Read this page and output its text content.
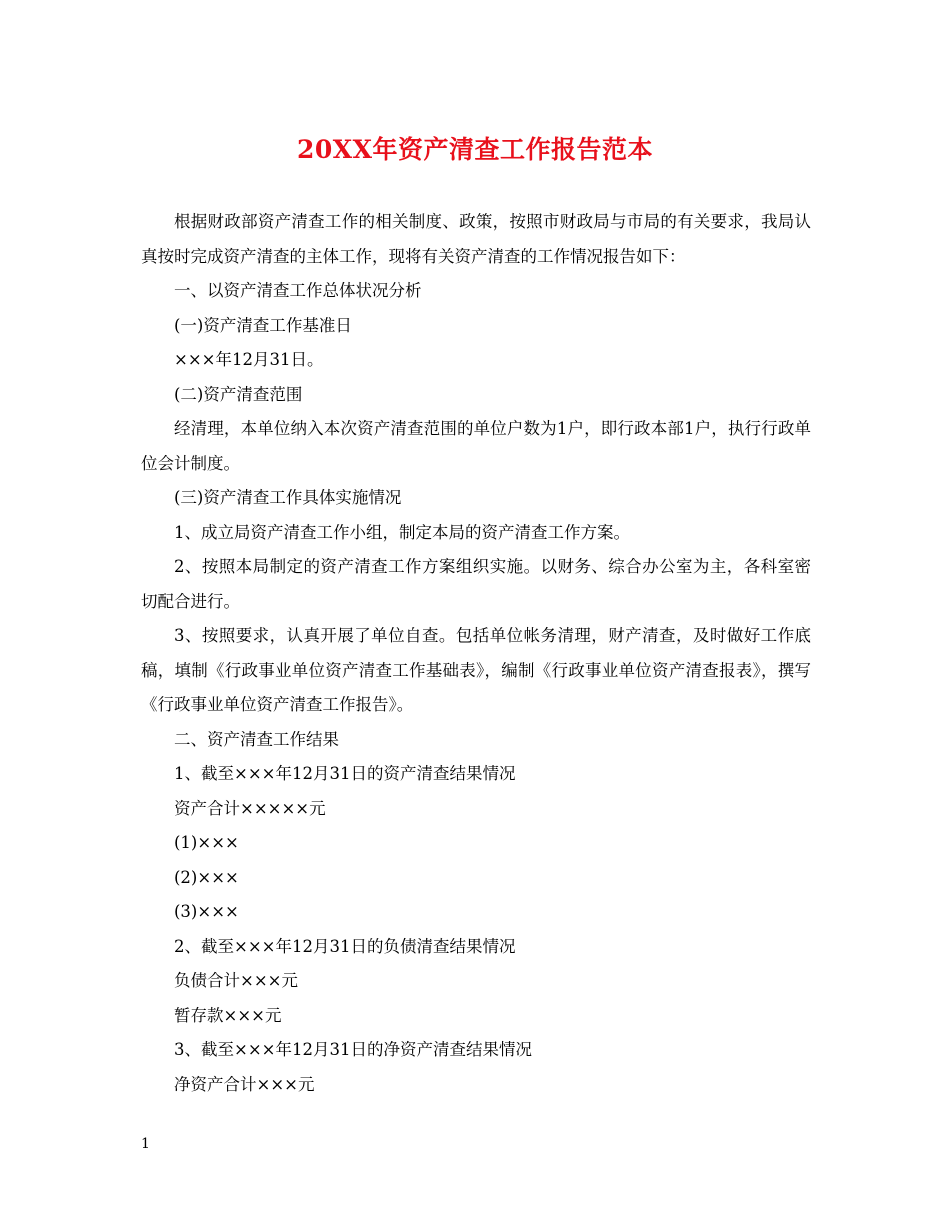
20XX年资产清查工作报告范本

根据财政部资产清查工作的相关制度、政策，按照市财政局与市局的有关要求，我局认真按时完成资产清查的主体工作，现将有关资产清查的工作情况报告如下：

一、以资产清查工作总体状况分析

(一)资产清查工作基准日

×××年12月31日。

(二)资产清查范围

经清理，本单位纳入本次资产清查范围的单位户数为1户，即行政本部1户，执行行政单位会计制度。

(三)资产清查工作具体实施情况

1、成立局资产清查工作小组，制定本局的资产清查工作方案。

2、按照本局制定的资产清查工作方案组织实施。以财务、综合办公室为主，各科室密切配合进行。

3、按照要求，认真开展了单位自查。包括单位帐务清理，财产清查，及时做好工作底稿，填制《行政事业单位资产清查工作基础表》，编制《行政事业单位资产清查报表》，撰写《行政事业单位资产清查工作报告》。

二、资产清查工作结果

1、截至×××年12月31日的资产清查结果情况

资产合计×××××元

(1)×××

(2)×××

(3)×××

2、截至×××年12月31日的负债清查结果情况

负债合计×××元

暂存款×××元

3、截至×××年12月31日的净资产清查结果情况

净资产合计×××元

1
